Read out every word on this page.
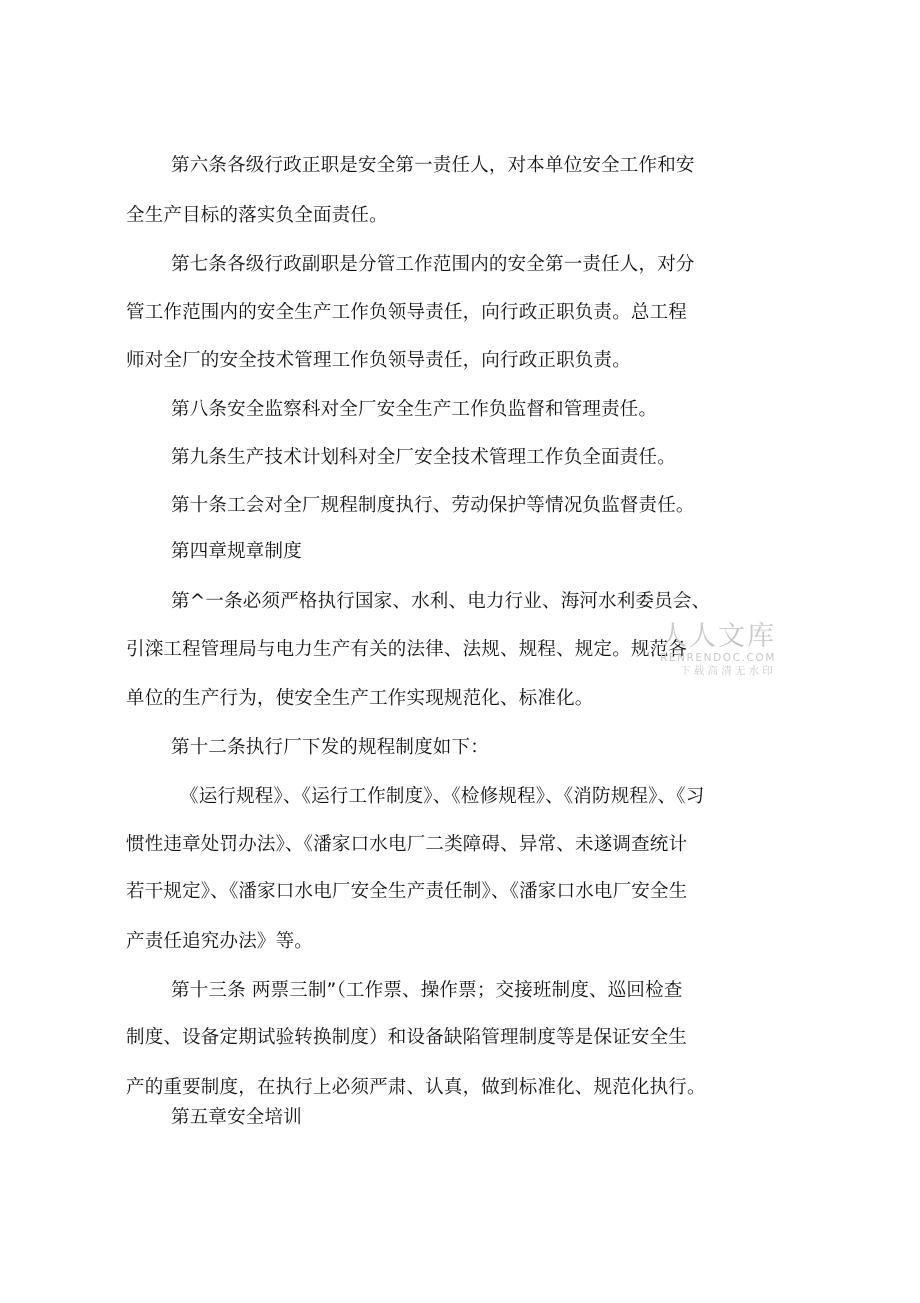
第六条各级行政正职是安全第一责任人，对本单位安全工作和安
全生产目标的落实负全面责任。
第七条各级行政副职是分管工作范围内的安全第一责任人，对分
管工作范围内的安全生产工作负领导责任，向行政正职负责。总工程
师对全厂的安全技术管理工作负领导责任，向行政正职负责。
第八条安全监察科对全厂安全生产工作负监督和管理责任。
第九条生产技术计划科对全厂安全技术管理工作负全面责任。
第十条工会对全厂规程制度执行、劳动保护等情况负监督责任。
第四章规章制度
第^一条必须严格执行国家、水利、电力行业、海河水利委员会、
引滦工程管理局与电力生产有关的法律、法规、规程、规定。规范各
单位的生产行为，使安全生产工作实现规范化、标准化。
第十二条执行厂下发的规程制度如下：
《运行规程》、《运行工作制度》、《检修规程》、《消防规程》、《习
惯性违章处罚办法》、《潘家口水电厂二类障碍、异常、未遂调查统计
若干规定》、《潘家口水电厂安全生产责任制》、《潘家口水电厂安全生
产责任追究办法》等。
第十三条 两票三制”（工作票、操作票；交接班制度、巡回检查
制度、设备定期试验转换制度）和设备缺陷管理制度等是保证安全生
产的重要制度，在执行上必须严肃、认真，做到标准化、规范化执行。
第五章安全培训
人人文库
RENRENDOC.COM
下载高清无水印
